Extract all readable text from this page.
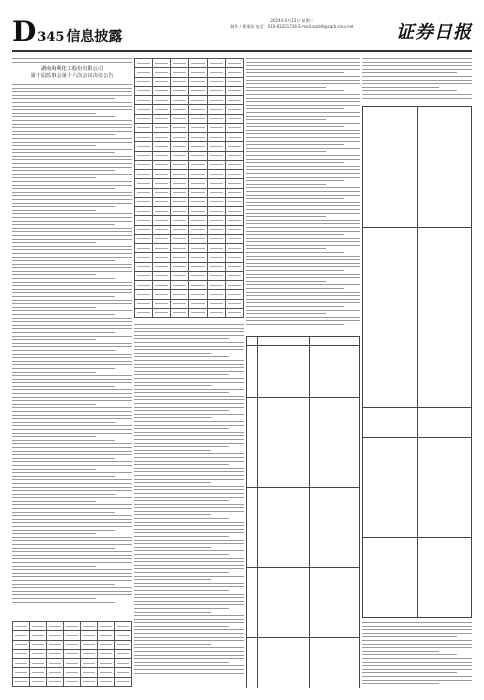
D345 信息披露
2024年4月23日 星期二
制作 / 曹秉琛 电话：010-83251716 E-mail:zqrb9@zqrb.sina.net	证券日报
湖南海利化工股份有限公司
第十届监事会第十六次会议决议公告
